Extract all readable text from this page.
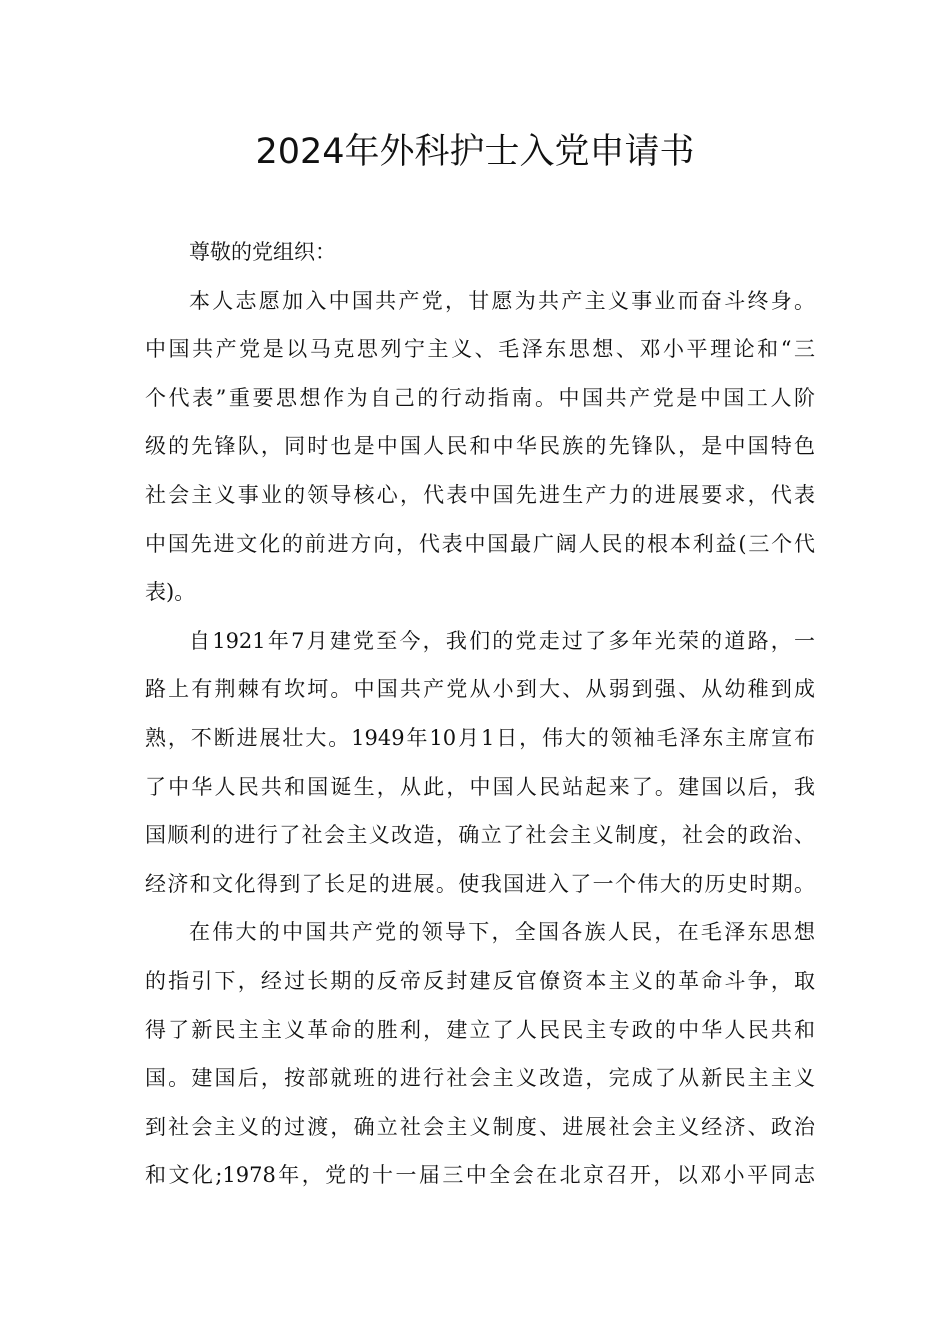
2024年外科护士入党申请书
尊敬的党组织：
本人志愿加入中国共产党，甘愿为共产主义事业而奋斗终身。
中国共产党是以马克思列宁主义、毛泽东思想、邓小平理论和“三
个代表”重要思想作为自己的行动指南。中国共产党是中国工人阶
级的先锋队，同时也是中国人民和中华民族的先锋队，是中国特色
社会主义事业的领导核心，代表中国先进生产力的进展要求，代表
中国先进文化的前进方向，代表中国最广阔人民的根本利益(三个代
表)。
自1921年7月建党至今，我们的党走过了多年光荣的道路，一
路上有荆棘有坎坷。中国共产党从小到大、从弱到强、从幼稚到成
熟，不断进展壮大。1949年10月1日，伟大的领袖毛泽东主席宣布
了中华人民共和国诞生，从此，中国人民站起来了。建国以后，我
国顺利的进行了社会主义改造，确立了社会主义制度，社会的政治、
经济和文化得到了长足的进展。使我国进入了一个伟大的历史时期。
在伟大的中国共产党的领导下，全国各族人民，在毛泽东思想
的指引下，经过长期的反帝反封建反官僚资本主义的革命斗争，取
得了新民主主义革命的胜利，建立了人民民主专政的中华人民共和
国。建国后，按部就班的进行社会主义改造，完成了从新民主主义
到社会主义的过渡，确立社会主义制度、进展社会主义经济、政治
和文化;1978年，党的十一届三中全会在北京召开，以邓小平同志
